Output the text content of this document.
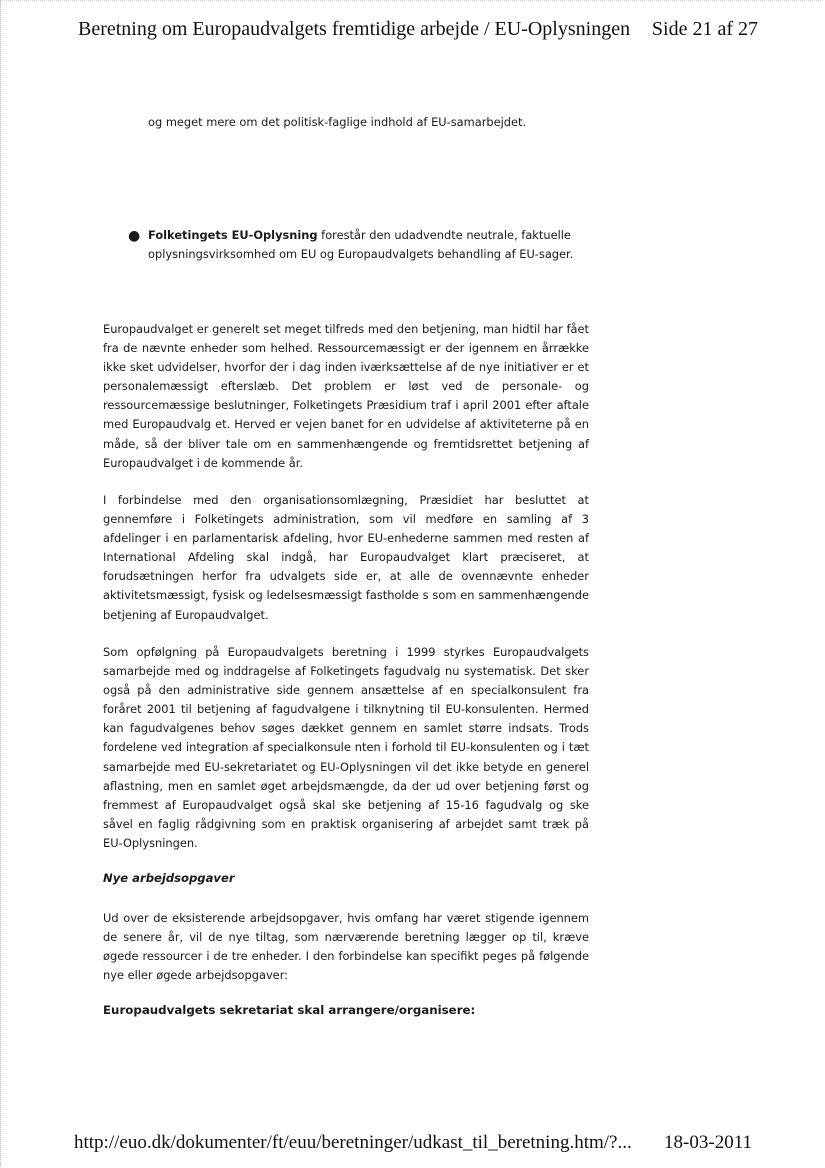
Beretning om Europaudvalgets fremtidige arbejde / EU-Oplysningen Side 21 af 27
og meget mere om det politisk-faglige indhold af EU-samarbejdet.
● Folketingets EU-Oplysning forestår den udadvendte neutrale, faktuelle oplysningsvirksomhed om EU og Europaudvalgets behandling af EU-sager.

Europaudvalget er generelt set meget tilfreds med den betjening, man hidtil har fået fra de nævnte enheder som helhed. Ressourcemæssigt er der igennem en årrække ikke sket udvidelser, hvorfor der i dag inden iværksættelse af de nye initiativer er et personalemæssigt efterslæb. Det problem er løst ved de personale- og ressourcemæssige beslutninger, Folketingets Præsidium traf i april 2001 efter aftale med Europaudvalg et. Herved er vejen banet for en udvidelse af aktiviteterne på en måde, så der bliver tale om en sammenhængende og fremtidsrettet betjening af Europaudvalget i de kommende år.

I forbindelse med den organisationsomlægning, Præsidiet har besluttet at gennemføre i Folketingets administration, som vil medføre en samling af 3 afdelinger i en parlamentarisk afdeling, hvor EU-enhederne sammen med resten af International Afdeling skal indgå, har Europaudvalget klart præciseret, at forudsætningen herfor fra udvalgets side er, at alle de ovennævnte enheder aktivitetsmæssigt, fysisk og ledelsesmæssigt fastholde s som en sammenhængende betjening af Europaudvalget.

Som opfølgning på Europaudvalgets beretning i 1999 styrkes Europaudvalgets samarbejde med og inddragelse af Folketingets fagudvalg nu systematisk. Det sker også på den administrative side gennem ansættelse af en specialkonsulent fra foråret 2001 til betjening af fagudvalgene i tilknytning til EU-konsulenten. Hermed kan fagudvalgenes behov søges dækket gennem en samlet større indsats. Trods fordelene ved integration af specialkonsule nten i forhold til EU-konsulenten og i tæt samarbejde med EU-sekretariatet og EU-Oplysningen vil det ikke betyde en generel aflastning, men en samlet øget arbejdsmængde, da der ud over betjening først og fremmest af Europaudvalget også skal ske betjening af 15-16 fagudvalg og ske såvel en faglig rådgivning som en praktisk organisering af arbejdet samt træk på EU-Oplysningen.

Nye arbejdsopgaver

Ud over de eksisterende arbejdsopgaver, hvis omfang har været stigende igennem de senere år, vil de nye tiltag, som nærværende beretning lægger op til, kræve øgede ressourcer i de tre enheder. I den forbindelse kan specifikt peges på følgende nye eller øgede arbejdsopgaver:

Europaudvalgets sekretariat skal arrangere/organisere:
http://euo.dk/dokumenter/ft/euu/beretninger/udkast_til_beretning.htm/?... 18-03-2011
